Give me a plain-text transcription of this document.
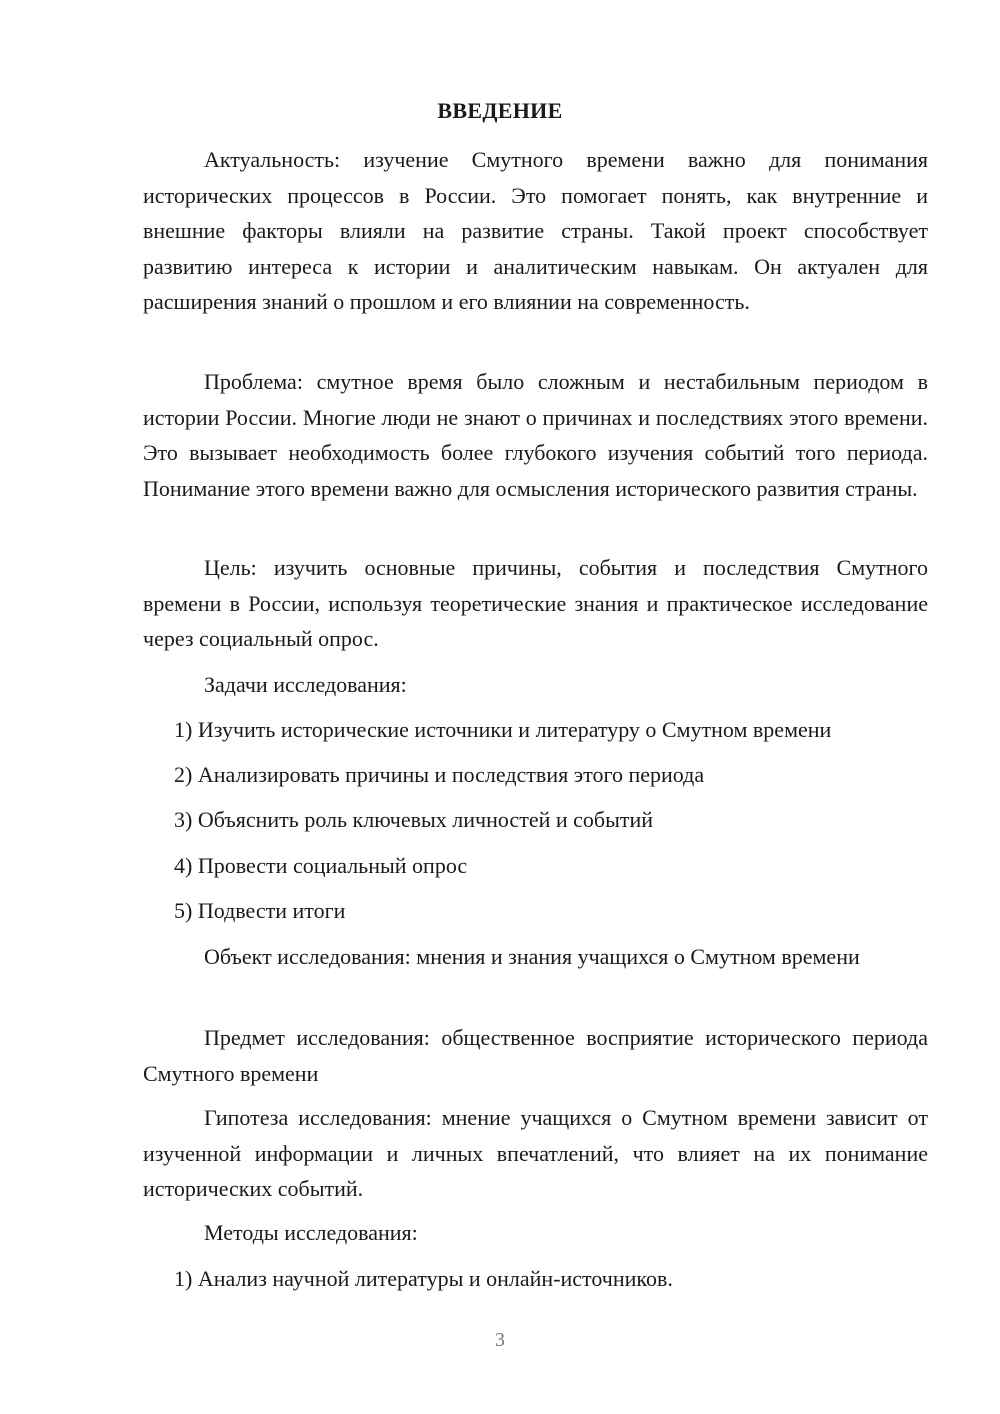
ВВЕДЕНИЕ

Актуальность: изучение Смутного времени важно для понимания исторических процессов в России. Это помогает понять, как внутренние и внешние факторы влияли на развитие страны. Такой проект способствует развитию интереса к истории и аналитическим навыкам. Он актуален для расширения знаний о прошлом и его влиянии на современность.

Проблема: смутное время было сложным и нестабильным периодом в истории России. Многие люди не знают о причинах и последствиях этого времени. Это вызывает необходимость более глубокого изучения событий того периода. Понимание этого времени важно для осмысления исторического развития страны.

Цель: изучить основные причины, события и последствия Смутного времени в России, используя теоретические знания и практическое исследование через социальный опрос.

Задачи исследования:

1) Изучить исторические источники и литературу о Смутном времени

2) Анализировать причины и последствия этого периода

3) Объяснить роль ключевых личностей и событий

4) Провести социальный опрос

5) Подвести итоги

Объект исследования: мнения и знания учащихся о Смутном времени

Предмет исследования: общественное восприятие исторического периода Смутного времени

Гипотеза исследования: мнение учащихся о Смутном времени зависит от изученной информации и личных впечатлений, что влияет на их понимание исторических событий.

Методы исследования:

1) Анализ научной литературы и онлайн-источников.

3
